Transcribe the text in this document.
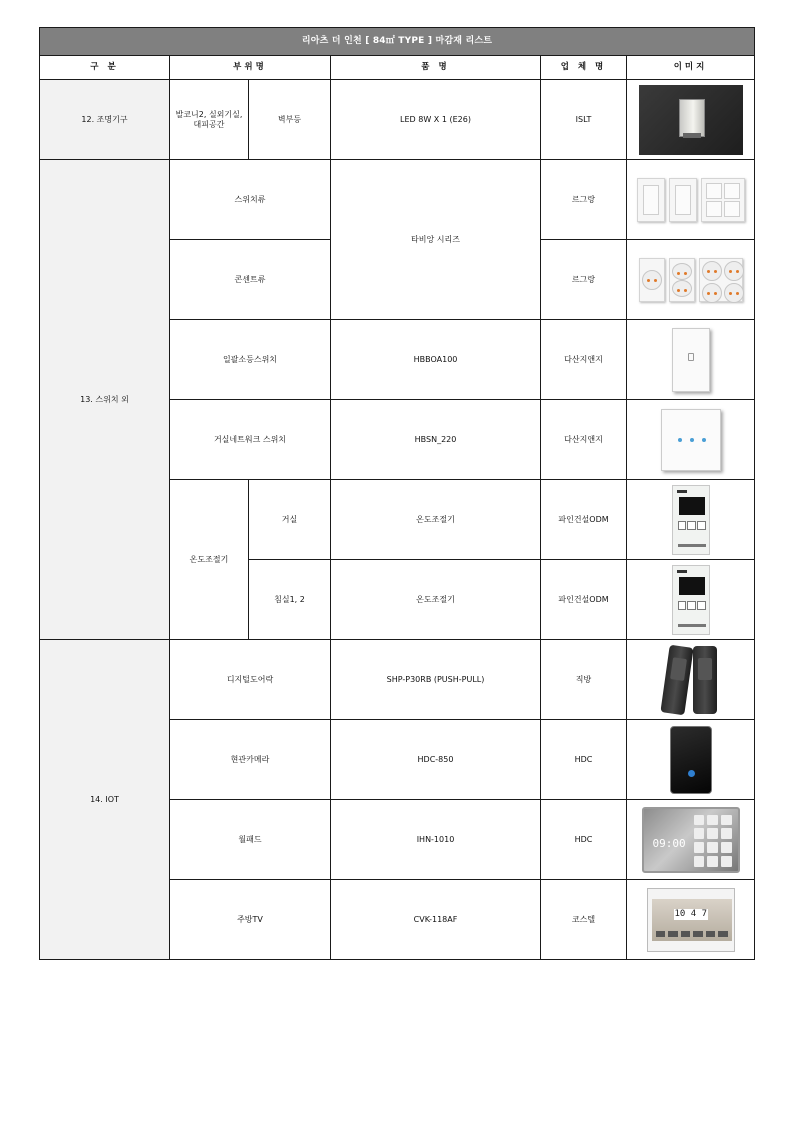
리아츠 더 인천 [ 84㎡ TYPE ] 마감재 리스트					
구 분	부위명		품 명	업 체 명	이미지
12. 조명기구	발코니2, 실외기실,
대피공간	벽부등	LED 8W X 1 (E26)	ISLT	

13. 스위치 외	스위치류		타비앙 시리즈	르그랑	

	콘센트류			르그랑	

	일괄소등스위치		HBBOA100	다산지앤지	

	거실네트워크 스위치		HBSN_220	다산지앤지	

	온도조절기	거실	온도조절기	파인건설ODM	

		침실1, 2	온도조절기	파인건설ODM	

14. IOT	디지털도어락		SHP-P30RB (PUSH-PULL)	직방	

	현관카메라		HDC-850	HDC	

	월패드		IHN-1010	HDC	09:00

	주방TV		CVK-118AF	코스텔	10 4 7
